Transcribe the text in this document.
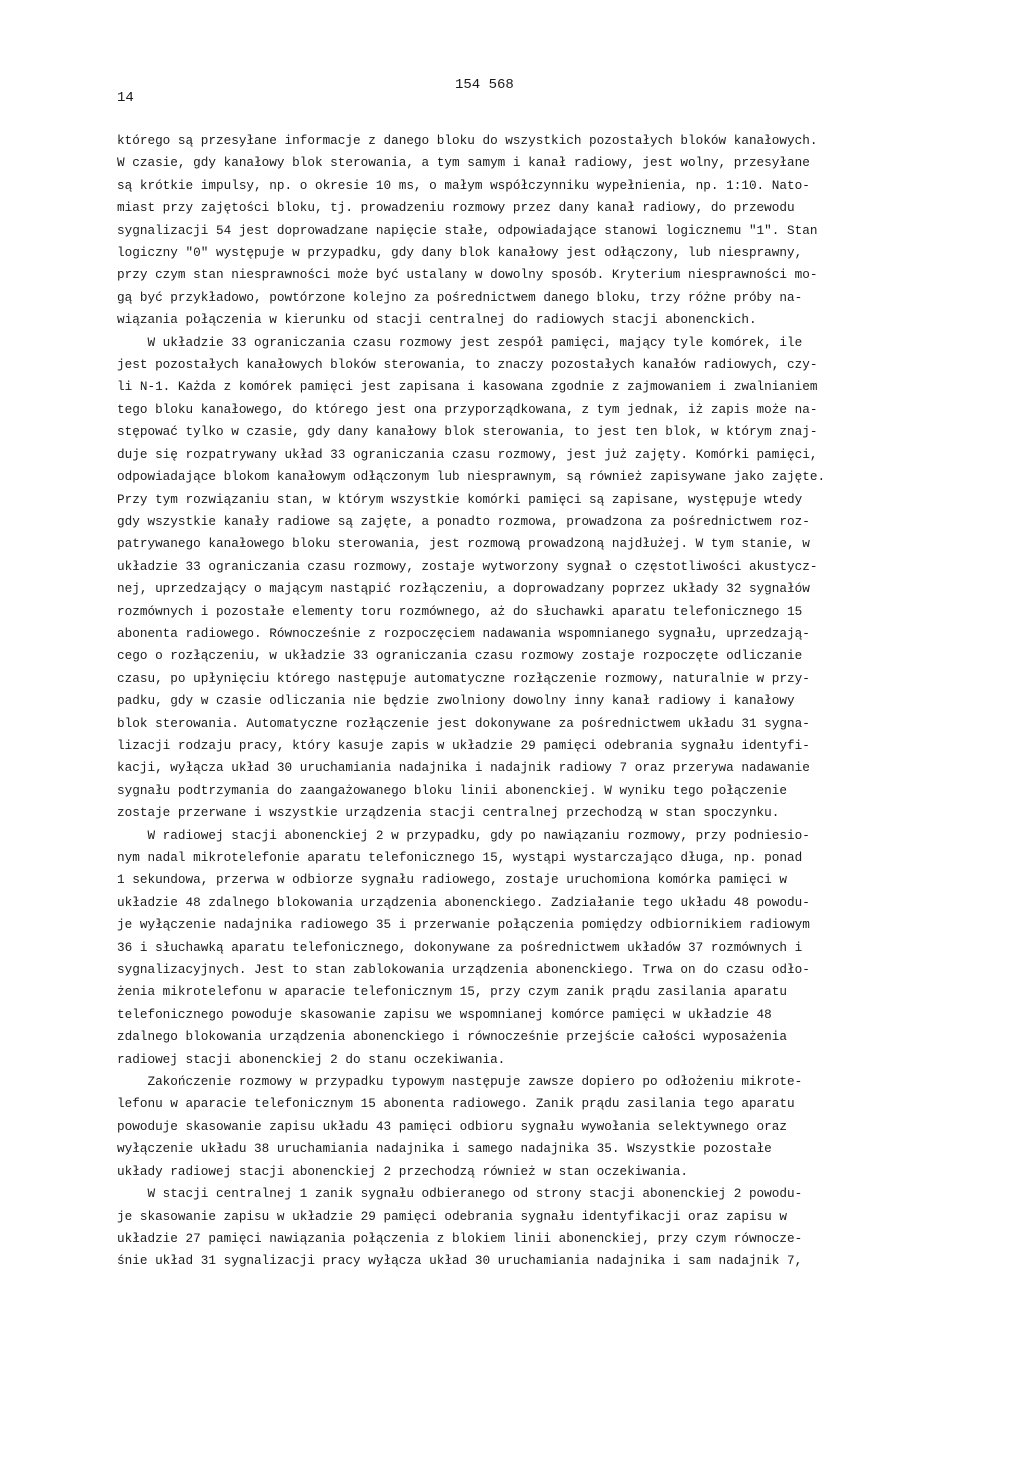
14
154 568
którego są przesyłane informacje z danego bloku do wszystkich pozostałych bloków kanałowych.
W czasie, gdy kanałowy blok sterowania, a tym samym i kanał radiowy, jest wolny, przesyłane
są krótkie impulsy, np. o okresie 10 ms, o małym współczynniku wypełnienia, np. 1:10. Nato-
miast przy zajętości bloku, tj. prowadzeniu rozmowy przez dany kanał radiowy, do przewodu
sygnalizacji 54 jest doprowadzane napięcie stałe, odpowiadające stanowi logicznemu "1". Stan
logiczny "0" występuje w przypadku, gdy dany blok kanałowy jest odłączony, lub niesprawny,
przy czym stan niesprawności może być ustalany w dowolny sposób. Kryterium niesprawności mo-
gą być przykładowo, powtórzone kolejno za pośrednictwem danego bloku, trzy różne próby na-
wiązania połączenia w kierunku od stacji centralnej do radiowych stacji abonenckich.
W układzie 33 ograniczania czasu rozmowy jest zespół pamięci, mający tyle komórek, ile
jest pozostałych kanałowych bloków sterowania, to znaczy pozostałych kanałów radiowych, czy-
li N-1. Każda z komórek pamięci jest zapisana i kasowana zgodnie z zajmowaniem i zwalnianiem
tego bloku kanałowego, do którego jest ona przyporządkowana, z tym jednak, iż zapis może na-
stępować tylko w czasie, gdy dany kanałowy blok sterowania, to jest ten blok, w którym znaj-
duje się rozpatrywany układ 33 ograniczania czasu rozmowy, jest już zajęty. Komórki pamięci,
odpowiadające blokom kanałowym odłączonym lub niesprawnym, są również zapisywane jako zajęte.
Przy tym rozwiązaniu stan, w którym wszystkie komórki pamięci są zapisane, występuje wtedy
gdy wszystkie kanały radiowe są zajęte, a ponadto rozmowa, prowadzona za pośrednictwem roz-
patrywanego kanałowego bloku sterowania, jest rozmową prowadzoną najdłużej. W tym stanie, w
układzie 33 ograniczania czasu rozmowy, zostaje wytworzony sygnał o częstotliwości akustycz-
nej, uprzedzający o mającym nastąpić rozłączeniu, a doprowadzany poprzez układy 32 sygnałów
rozmównych i pozostałe elementy toru rozmównego, aż do słuchawki aparatu telefonicznego 15
abonenta radiowego. Równocześnie z rozpoczęciem nadawania wspomnianego sygnału, uprzedzają-
cego o rozłączeniu, w układzie 33 ograniczania czasu rozmowy zostaje rozpoczęte odliczanie
czasu, po upłynięciu którego następuje automatyczne rozłączenie rozmowy, naturalnie w przy-
padku, gdy w czasie odliczania nie będzie zwolniony dowolny inny kanał radiowy i kanałowy
blok sterowania. Automatyczne rozłączenie jest dokonywane za pośrednictwem układu 31 sygna-
lizacji rodzaju pracy, który kasuje zapis w układzie 29 pamięci odebrania sygnału identyfi-
kacji, wyłącza układ 30 uruchamiania nadajnika i nadajnik radiowy 7 oraz przerywa nadawanie
sygnału podtrzymania do zaangażowanego bloku linii abonenckiej. W wyniku tego połączenie
zostaje przerwane i wszystkie urządzenia stacji centralnej przechodzą w stan spoczynku.
W radiowej stacji abonenckiej 2 w przypadku, gdy po nawiązaniu rozmowy, przy podniesio-
nym nadal mikrotelefonie aparatu telefonicznego 15, wystąpi wystarczająco długa, np. ponad
1 sekundowa, przerwa w odbiorze sygnału radiowego, zostaje uruchomiona komórka pamięci w
układzie 48 zdalnego blokowania urządzenia abonenckiego. Zadziałanie tego układu 48 powodu-
je wyłączenie nadajnika radiowego 35 i przerwanie połączenia pomiędzy odbiornikiem radiowym
36 i słuchawką aparatu telefonicznego, dokonywane za pośrednictwem układów 37 rozmównych i
sygnalizacyjnych. Jest to stan zablokowania urządzenia abonenckiego. Trwa on do czasu odło-
żenia mikrotelefonu w aparacie telefonicznym 15, przy czym zanik prądu zasilania aparatu
telefonicznego powoduje skasowanie zapisu we wspomnianej komórce pamięci w układzie 48
zdalnego blokowania urządzenia abonenckiego i równocześnie przejście całości wyposażenia
radiowej stacji abonenckiej 2 do stanu oczekiwania.
Zakończenie rozmowy w przypadku typowym następuje zawsze dopiero po odłożeniu mikrote-
lefonu w aparacie telefonicznym 15 abonenta radiowego. Zanik prądu zasilania tego aparatu
powoduje skasowanie zapisu układu 43 pamięci odbioru sygnału wywołania selektywnego oraz
wyłączenie układu 38 uruchamiania nadajnika i samego nadajnika 35. Wszystkie pozostałe
układy radiowej stacji abonenckiej 2 przechodzą również w stan oczekiwania.
W stacji centralnej 1 zanik sygnału odbieranego od strony stacji abonenckiej 2 powodu-
je skasowanie zapisu w układzie 29 pamięci odebrania sygnału identyfikacji oraz zapisu w
układzie 27 pamięci nawiązania połączenia z blokiem linii abonenckiej, przy czym równocze-
śnie układ 31 sygnalizacji pracy wyłącza układ 30 uruchamiania nadajnika i sam nadajnik 7,
